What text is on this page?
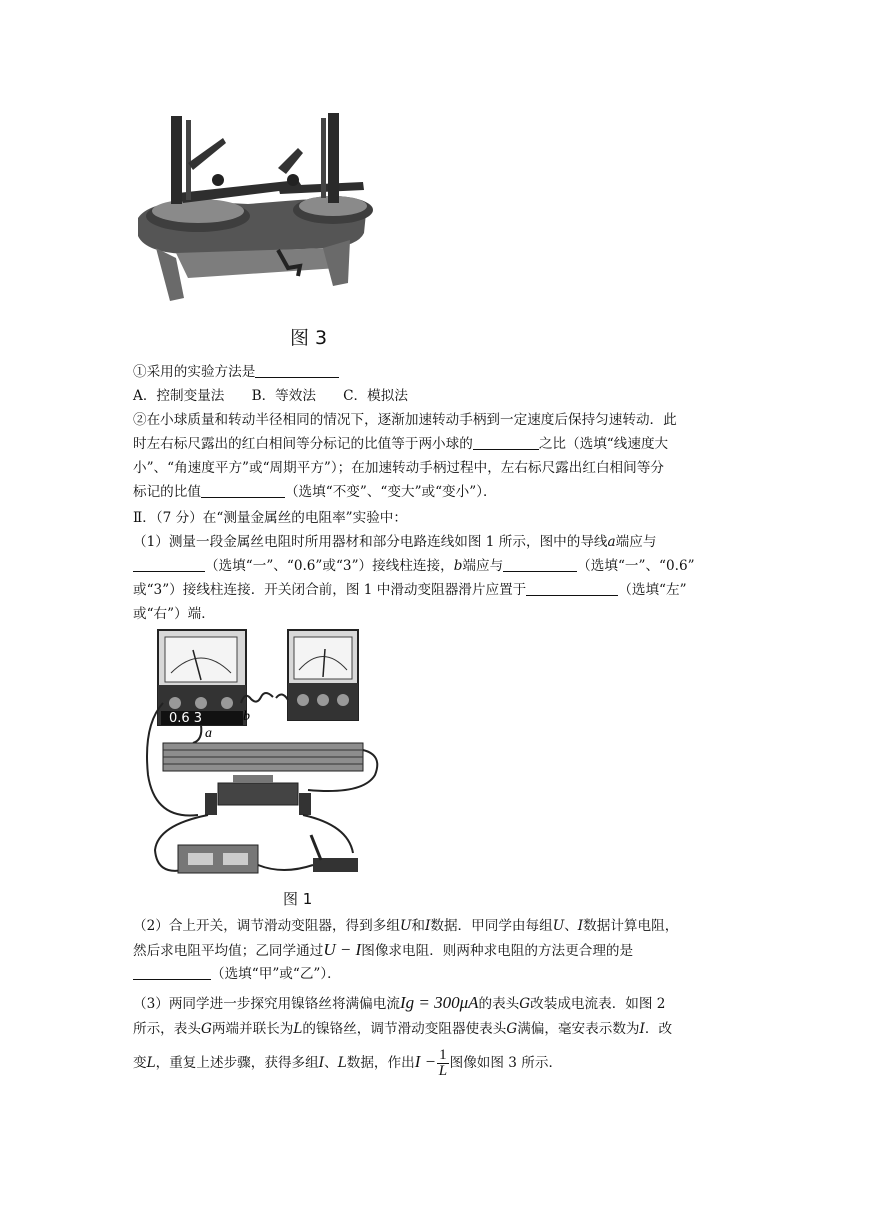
图 3
①采用的实验方法是
A．控制变量法　　 B．等效法　　 C．模拟法
②在小球质量和转动半径相同的情况下，逐渐加速转动手柄到一定速度后保持匀速转动．此
时左右标尺露出的红白相间等分标记的比值等于两小球的	之比（选填“线速度大
小”、“角速度平方”或“周期平方”）；在加速转动手柄过程中，左右标尺露出红白相间等分
标记的比值	（选填“不变”、“变大”或“变小”）．
Ⅱ．（7 分）在“测量金属丝的电阻率”实验中：
（1）测量一段金属丝电阻时所用器材和部分电路连线如图 1 所示，图中的导线a端应与
（选填“一”、“0.6”或“3”）接线柱连接，b端应与	（选填“一”、“0.6”
或“3”）接线柱连接．开关闭合前，图 1 中滑动变阻器滑片应置于	（选填“左”
或“右”）端．
0.6 3	b
a
图 1
（2）合上开关，调节滑动变阻器，得到多组U和I数据．甲同学由每组U、I数据计算电阻，
然后求电阻平均值；乙同学通过U − I图像求电阻．则两种求电阻的方法更合理的是
（选填“甲”或“乙”）．
（3）两同学进一步探究用镍铬丝将满偏电流Ig = 300μA的表头G改装成电流表．如图 2
所示，表头G两端并联长为L的镍铬丝，调节滑动变阻器使表头G满偏，毫安表示数为I．改
变L，重复上述步骤，获得多组I、L数据，作出$I - \frac{1}{L}$ 图像如图 3 所示．
